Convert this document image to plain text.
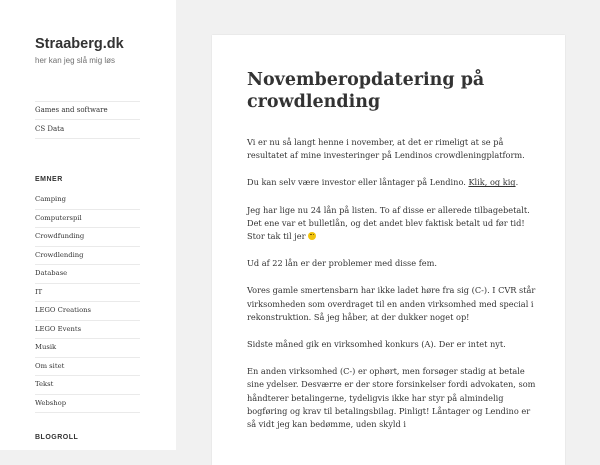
Straaberg.dk
her kan jeg slå mig løs
Games and software
CS Data
EMNER
Camping
Computerspil
Crowdfunding
Crowdlending
Database
IT
LEGO Creations
LEGO Events
Musik
Om sitet
Tekst
Webshop
BLOGROLL
Novemberopdatering på crowdlending

Vi er nu så langt henne i november, at det er rimeligt at se på resultatet af mine investeringer på Lendinos crowdleningplatform.

Du kan selv være investor eller låntager på Lendino. Klik, og kig.

Jeg har lige nu 24 lån på listen. To af disse er allerede tilbagebetalt. Det ene var et bulletlån, og det andet blev faktisk betalt ud før tid! Stor tak til jer

Ud af 22 lån er der problemer med disse fem.

Vores gamle smertensbarn har ikke ladet høre fra sig (C-). I CVR står virksomheden som overdraget til en anden virksomhed med special i rekonstruktion. Så jeg håber, at der dukker noget op!

Sidste måned gik en virksomhed konkurs (A). Der er intet nyt.

En anden virksomhed (C-) er ophørt, men forsøger stadig at betale sine ydelser. Desværre er der store forsinkelser fordi advokaten, som håndterer betalingerne, tydeligvis ikke har styr på almindelig bogføring og krav til betalingsbilag. Pinligt! Låntager og Lendino er så vidt jeg kan bedømme, uden skyld i
